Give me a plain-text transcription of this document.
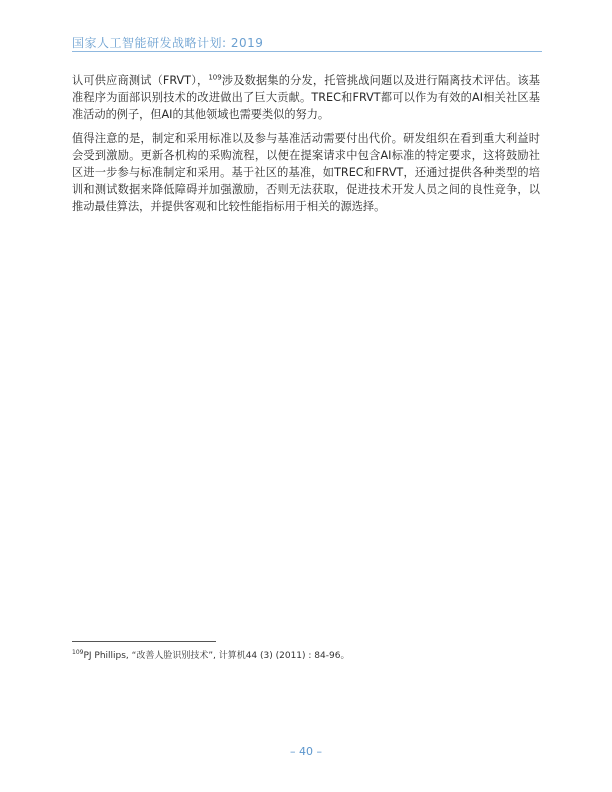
国家人工智能研发战略计划: 2019

认可供应商测试（FRVT），$^{109}$涉及数据集的分发，托管挑战问题以及进行隔离技术评估。该基准程序为面部识别技术的改进做出了巨大贡献。TREC和FRVT都可以作为有效的AI相关社区基准活动的例子，但AI的其他领域也需要类似的努力。

值得注意的是，制定和采用标准以及参与基准活动需要付出代价。研发组织在看到重大利益时会受到激励。更新各机构的采购流程，以便在提案请求中包含AI标准的特定要求，这将鼓励社区进一步参与标准制定和采用。基于社区的基准，如TREC和FRVT，还通过提供各种类型的培训和测试数据来降低障碍并加强激励，否则无法获取，促进技术开发人员之间的良性竞争，以推动最佳算法，并提供客观和比较性能指标用于相关的源选择。

$^{109}$PJ Phillips, “改善人脸识别技术”, 计算机44 (3) (2011) : 84-96。
– 40 –
